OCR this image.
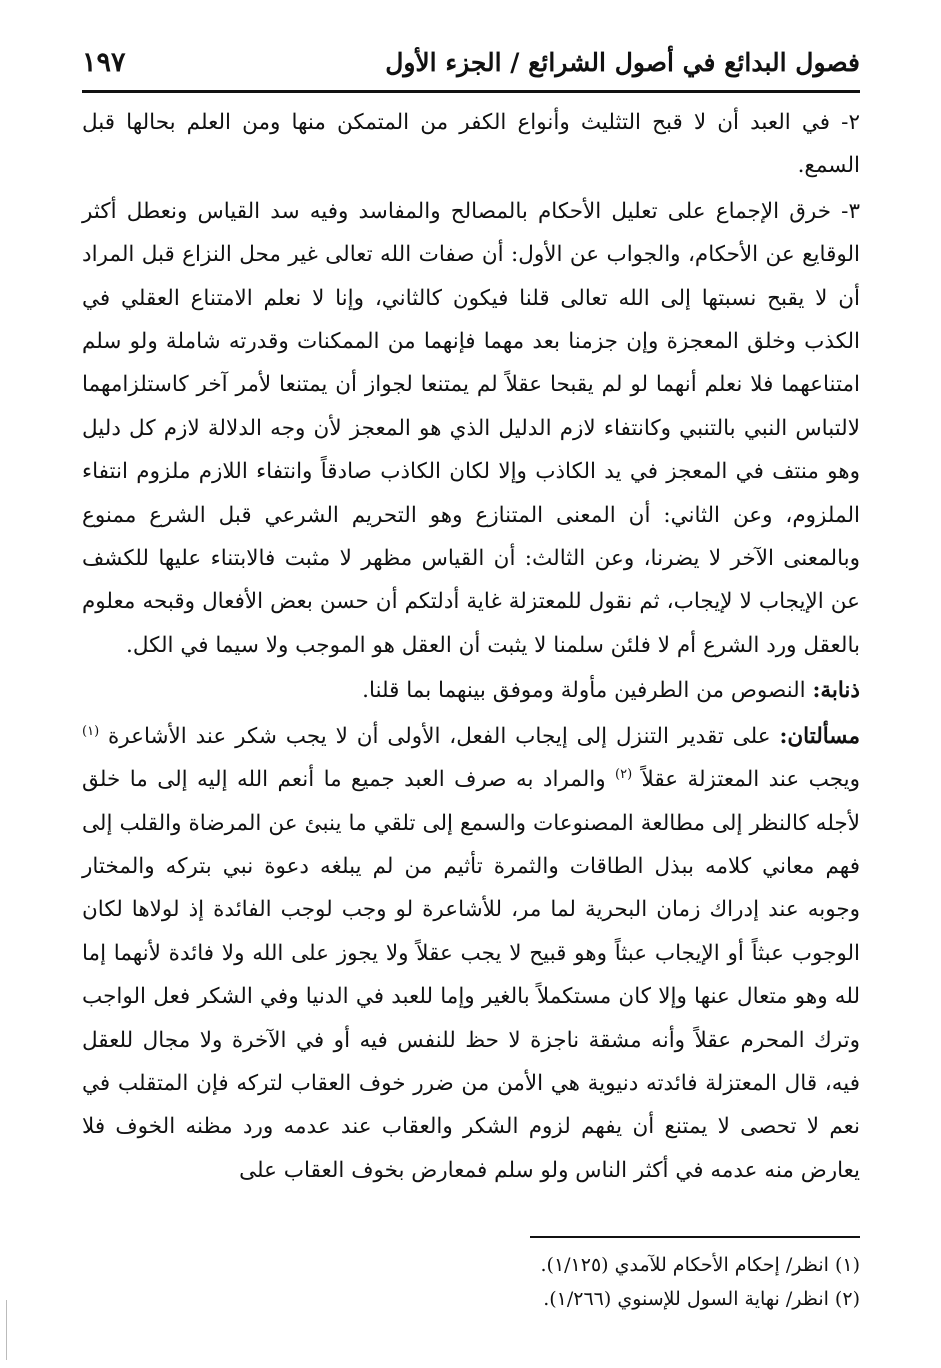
فصول البدائع في أصول الشرائع / الجزء الأول
١٩٧

٢- في العبد أن لا قبح التثليث وأنواع الكفر من المتمكن منها ومن العلم بحالها قبل السمع.

٣- خرق الإجماع على تعليل الأحكام بالمصالح والمفاسد وفيه سد القياس ونعطل أكثر الوقايع عن الأحكام، والجواب عن الأول: أن صفات الله تعالى غير محل النزاع قبل المراد أن لا يقبح نسبتها إلى الله تعالى قلنا فيكون كالثاني، وإنا لا نعلم الامتناع العقلي في الكذب وخلق المعجزة وإن جزمنا بعد مهما فإنهما من الممكنات وقدرته شاملة ولو سلم امتناعهما فلا نعلم أنهما لو لم يقبحا عقلاً لم يمتنعا لجواز أن يمتنعا لأمر آخر كاستلزامهما لالتباس النبي بالتنبي وكانتفاء لازم الدليل الذي هو المعجز لأن وجه الدلالة لازم كل دليل وهو منتف في المعجز في يد الكاذب وإلا لكان الكاذب صادقاً وانتفاء اللازم ملزوم انتفاء الملزوم، وعن الثاني: أن المعنى المتنازع وهو التحريم الشرعي قبل الشرع ممنوع وبالمعنى الآخر لا يضرنا، وعن الثالث: أن القياس مظهر لا مثبت فالابتناء عليها للكشف عن الإيجاب لا لإيجاب، ثم نقول للمعتزلة غاية أدلتكم أن حسن بعض الأفعال وقبحه معلوم بالعقل ورد الشرع أم لا فلئن سلمنا لا يثبت أن العقل هو الموجب ولا سيما في الكل.

ذنابة: النصوص من الطرفين مأولة وموفق بينهما بما قلنا.

مسألتان: على تقدير التنزل إلى إيجاب الفعل، الأولى أن لا يجب شكر عند الأشاعرة $^{(١)}$ ويجب عند المعتزلة عقلاً $^{(٢)}$ والمراد به صرف العبد جميع ما أنعم الله إليه إلى ما خلق لأجله كالنظر إلى مطالعة المصنوعات والسمع إلى تلقي ما ينبئ عن المرضاة والقلب إلى فهم معاني كلامه ببذل الطاقات والثمرة تأثيم من لم يبلغه دعوة نبي بتركه والمختار وجوبه عند إدراك زمان البحرية لما مر، للأشاعرة لو وجب لوجب الفائدة إذ لولاها لكان الوجوب عبثاً أو الإيجاب عبثاً وهو قبيح لا يجب عقلاً ولا يجوز على الله ولا فائدة لأنهما إما لله وهو متعال عنها وإلا كان مستكملاً بالغير وإما للعبد في الدنيا وفي الشكر فعل الواجب وترك المحرم عقلاً وأنه مشقة ناجزة لا حظ للنفس فيه أو في الآخرة ولا مجال للعقل فيه، قال المعتزلة فائدته دنيوية هي الأمن من ضرر خوف العقاب لتركه فإن المتقلب في نعم لا تحصى لا يمتنع أن يفهم لزوم الشكر والعقاب عند عدمه ورد مظنه الخوف فلا يعارض منه عدمه في أكثر الناس ولو سلم فمعارض بخوف العقاب على

(١) انظر/ إحكام الأحكام للآمدي (١/١٢٥).

(٢) انظر/ نهاية السول للإسنوي (١/٢٦٦).
